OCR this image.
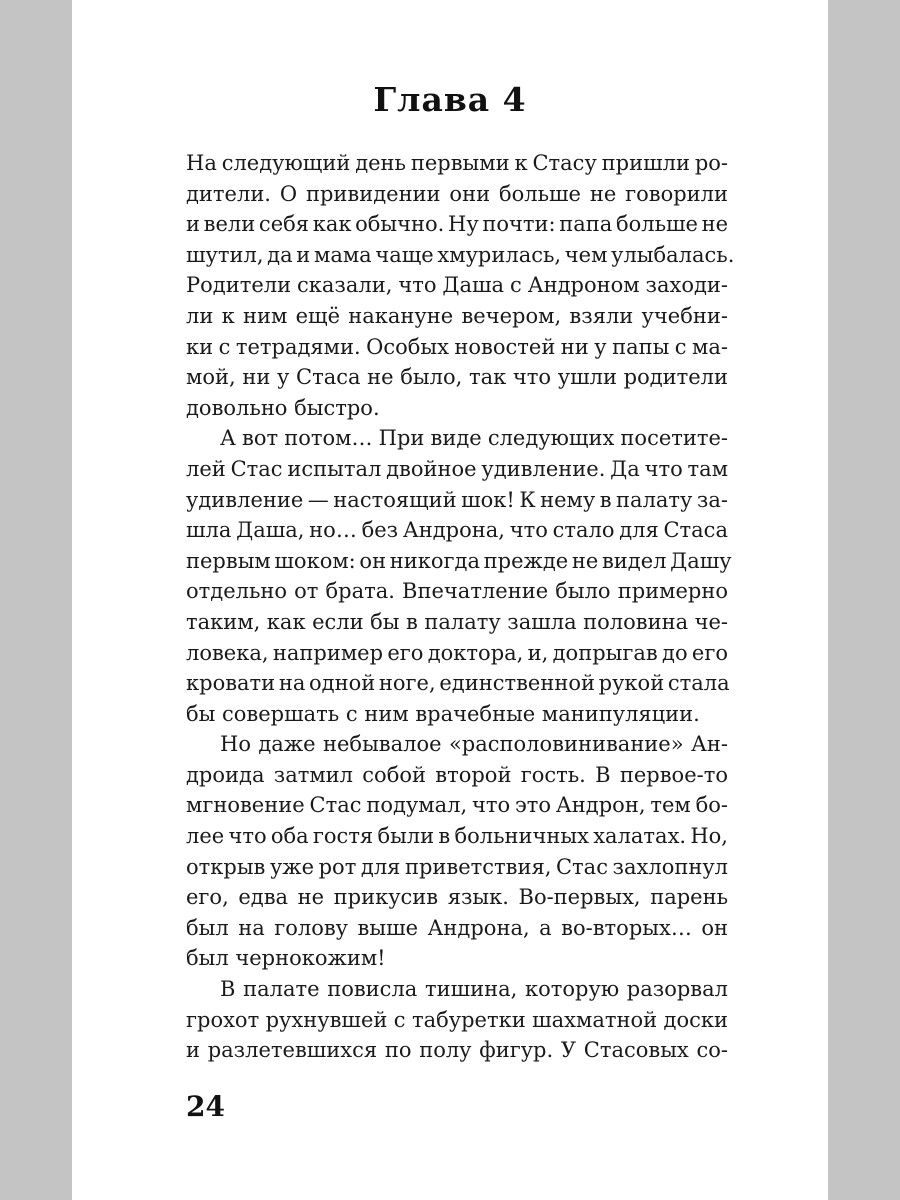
Глава 4
На следующий день первыми к Стасу пришли ро-
дители. О привидении они больше не говорили
и вели себя как обычно. Ну почти: папа больше не
шутил, да и мама чаще хмурилась, чем улыбалась.
Родители сказали, что Даша с Андроном заходи-
ли к ним ещё накануне вечером, взяли учебни-
ки с тетрадями. Особых новостей ни у папы с ма-
мой, ни у Стаса не было, так что ушли родители
довольно быстро.
А вот потом… При виде следующих посетите-
лей Стас испытал двойное удивление. Да что там
удивление — настоящий шок! К нему в палату за-
шла Даша, но… без Андрона, что стало для Стаса
первым шоком: он никогда прежде не видел Дашу
отдельно от брата. Впечатление было примерно
таким, как если бы в палату зашла половина че-
ловека, например его доктора, и, допрыгав до его
кровати на одной ноге, единственной рукой стала
бы совершать с ним врачебные манипуляции.
Но даже небывалое «располовинивание» Ан-
дроида затмил собой второй гость. В первое-то
мгновение Стас подумал, что это Андрон, тем бо-
лее что оба гостя были в больничных халатах. Но,
открыв уже рот для приветствия, Стас захлопнул
его, едва не прикусив язык. Во-первых, парень
был на голову выше Андрона, а во-вторых… он
был чернокожим!
В палате повисла тишина, которую разорвал
грохот рухнувшей с табуретки шахматной доски
и разлетевшихся по полу фигур. У Стасовых со-
24
